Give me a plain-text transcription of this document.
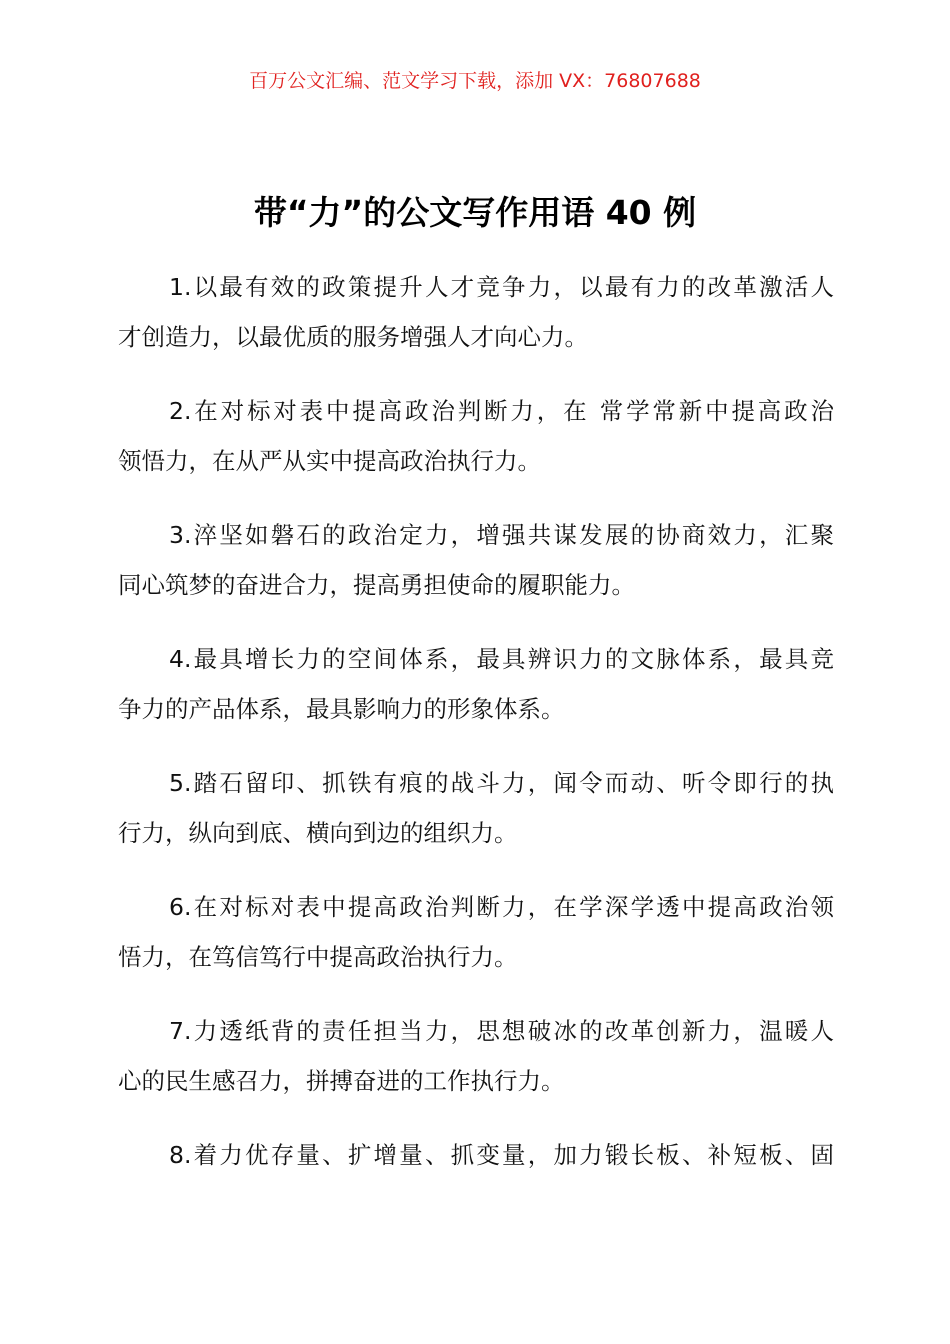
百万公文汇编、范文学习下载，添加 VX：76807688
带“力”的公文写作用语 40 例

1.以最有效的政策提升人才竞争力，以最有力的改革激活人
才创造力，以最优质的服务增强人才向心力。

2.在对标对表中提高政治判断力，在 常学常新中提高政治
领悟力，在从严从实中提高政治执行力。

3.淬坚如磐石的政治定力，增强共谋发展的协商效力，汇聚
同心筑梦的奋进合力，提高勇担使命的履职能力。

4.最具增长力的空间体系，最具辨识力的文脉体系，最具竞
争力的产品体系，最具影响力的形象体系。

5.踏石留印、抓铁有痕的战斗力，闻令而动、听令即行的执
行力，纵向到底、横向到边的组织力。

6.在对标对表中提高政治判断力，在学深学透中提高政治领
悟力，在笃信笃行中提高政治执行力。

7.力透纸背的责任担当力，思想破冰的改革创新力，温暖人
心的民生感召力，拼搏奋进的工作执行力。

8.着力优存量、扩增量、抓变量，加力锻长板、补短板、固
